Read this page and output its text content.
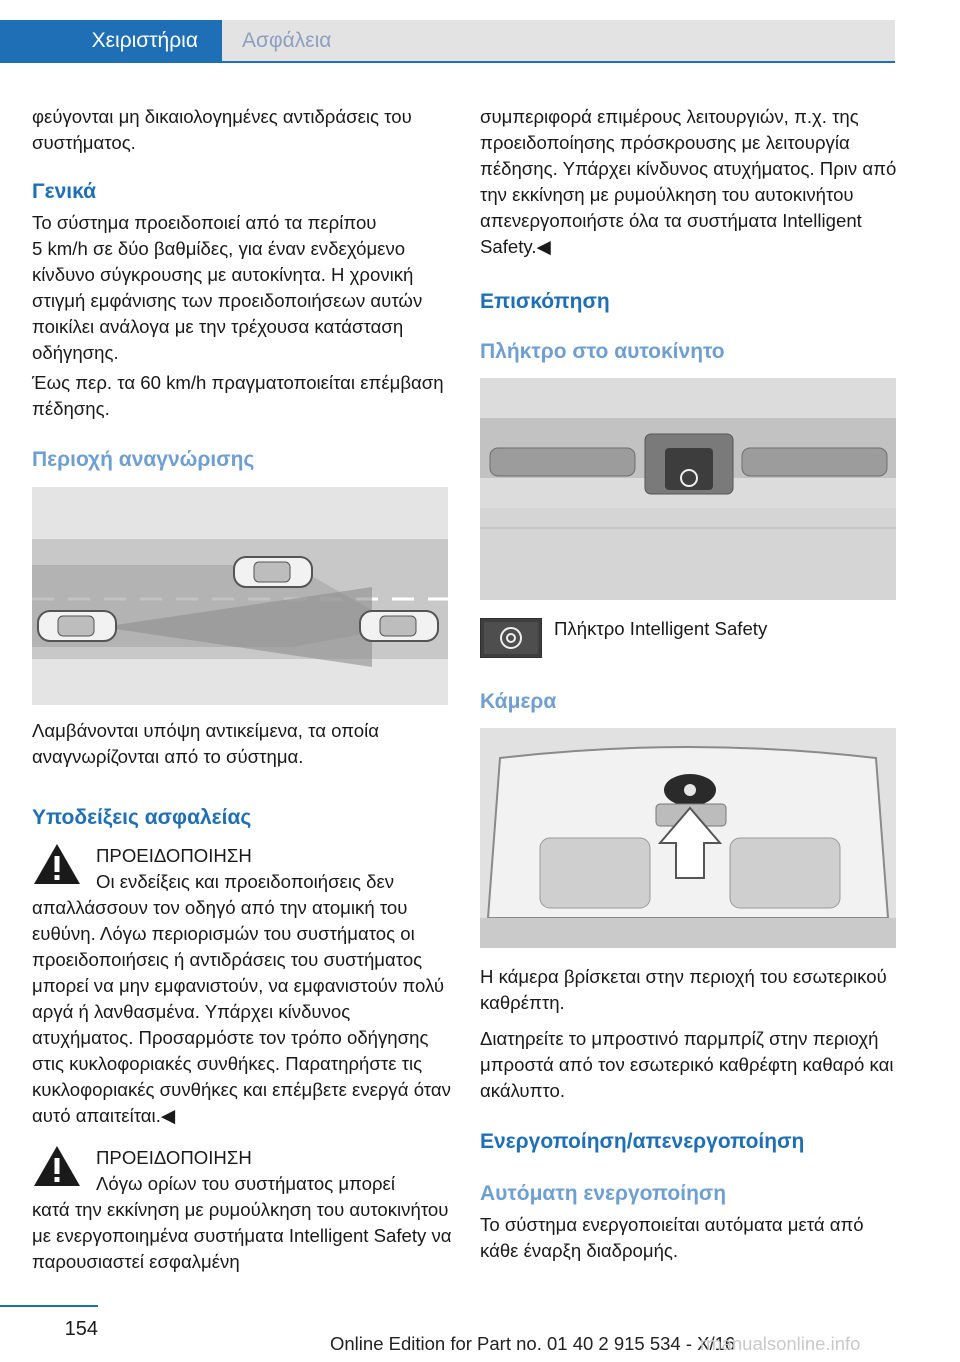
Χειριστήρια Ασφάλεια

φεύγονται μη δικαιολογημένες αντιδράσεις του συστήματος.

Γενικά

Το σύστημα προειδοποιεί από τα περίπου

5 km/h σε δύο βαθμίδες, για έναν ενδεχόμενο κίνδυνο σύγκρουσης με αυτοκίνητα. Η χρονική στιγμή εμφάνισης των προειδοποιήσεων αυτών ποικίλει ανάλογα με την τρέχουσα κατάσταση οδήγησης.

Έως περ. τα 60 km/h πραγματοποιείται επέμβαση πέδησης.

Περιοχή αναγνώρισης

Λαμβάνονται υπόψη αντικείμενα, τα οποία αναγνωρίζονται από το σύστημα.

Υποδείξεις ασφαλείας

ΠΡΟΕΙΔΟΠΟΙΗΣΗ

Οι ενδείξεις και προειδοποιήσεις δεν

απαλλάσσουν τον οδηγό από την ατομική του ευθύνη. Λόγω περιορισμών του συστήματος οι προειδοποιήσεις ή αντιδράσεις του συστήματος μπορεί να μην εμφανιστούν, να εμφανιστούν πολύ αργά ή λανθασμένα. Υπάρχει κίνδυνος ατυχήματος. Προσαρμόστε τον τρόπο οδήγησης στις κυκλοφοριακές συνθήκες. Παρατηρήστε τις κυκλοφοριακές συνθήκες και επέμβετε ενεργά όταν αυτό απαιτείται.◀

ΠΡΟΕΙΔΟΠΟΙΗΣΗ

Λόγω ορίων του συστήματος μπορεί

κατά την εκκίνηση με ρυμούλκηση του αυτοκινήτου με ενεργοποιημένα συστήματα Intelligent Safety να παρουσιαστεί εσφαλμένη

συμπεριφορά επιμέρους λειτουργιών, π.χ. της προειδοποίησης πρόσκρουσης με λειτουργία πέδησης. Υπάρχει κίνδυνος ατυχήματος. Πριν από την εκκίνηση με ρυμούλκηση του αυτοκινήτου απενεργοποιήστε όλα τα συστήματα Intelligent Safety.◀

Επισκόπηση
Πλήκτρο στο αυτοκίνητο
Πλήκτρο Intelligent Safety
Κάμερα

Η κάμερα βρίσκεται στην περιοχή του εσωτερικού καθρέπτη.

Διατηρείτε το μπροστινό παρμπρίζ στην περιοχή μπροστά από τον εσωτερικό καθρέφτη καθαρό και ακάλυπτο.

Ενεργοποίηση/απενεργοποίηση
Αυτόματη ενεργοποίηση

Το σύστημα ενεργοποιείται αυτόματα μετά από κάθε έναρξη διαδρομής.

154
Online Edition for Part no. 01 40 2 915 534 - X/16
rmanualsonline.info
